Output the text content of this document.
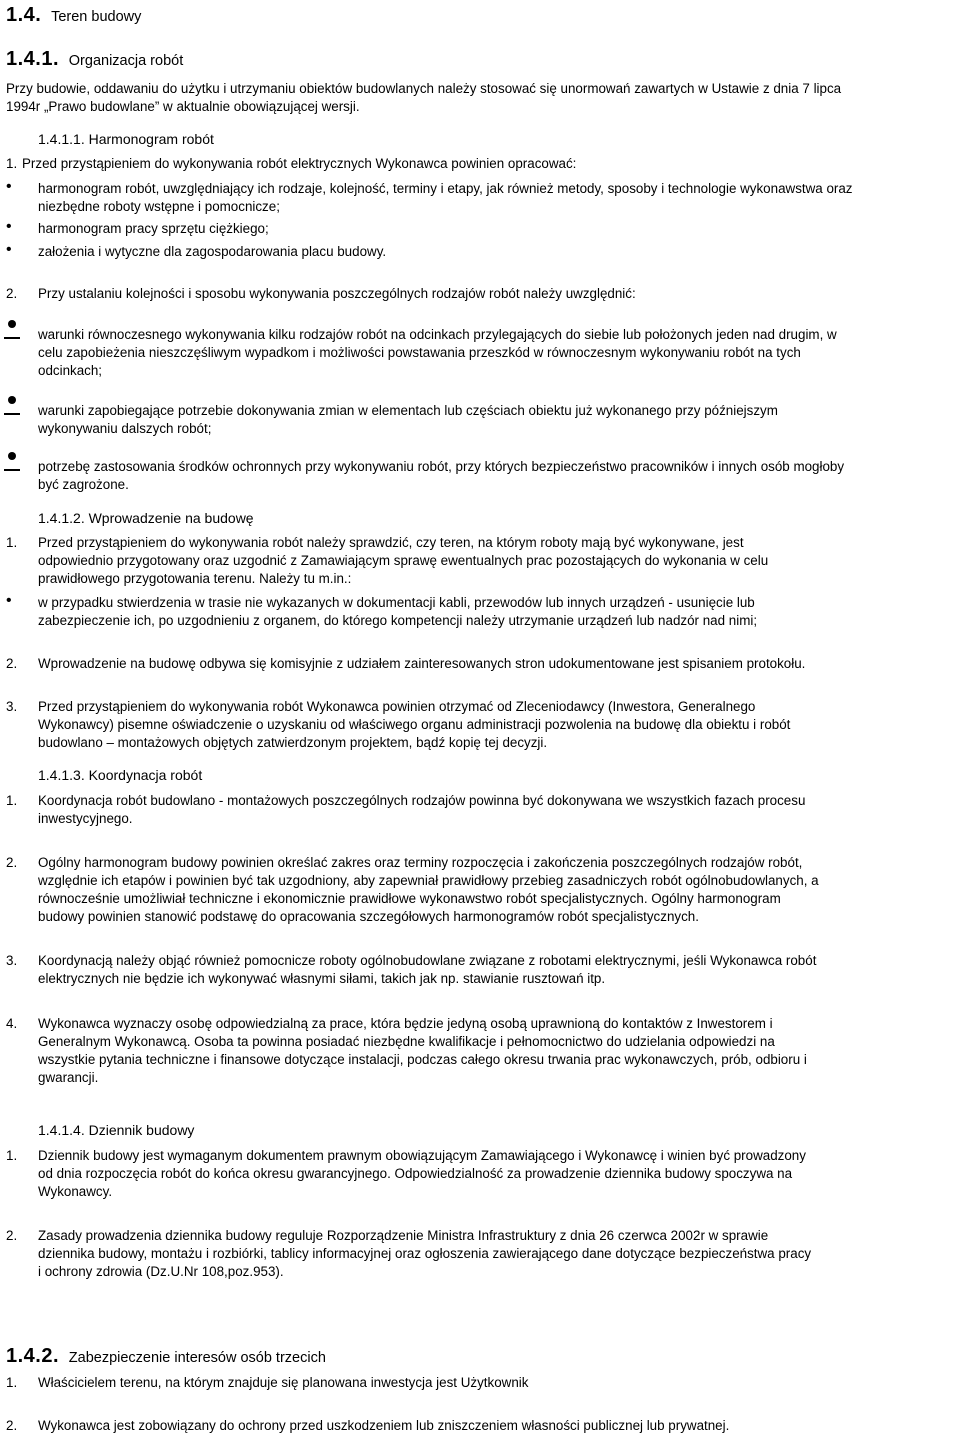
1.4. Teren budowy
1.4.1. Organizacja robót
Przy budowie, oddawaniu do użytku i utrzymaniu obiektów budowlanych należy stosować się unormowań zawartych w Ustawie z dnia 7 lipca
1994r „Prawo budowlane” w aktualnie obowiązującej wersji.
1.4.1.1. Harmonogram robót
1. Przed przystąpieniem do wykonywania robót elektrycznych Wykonawca powinien opracować:
• harmonogram robót, uwzględniający ich rodzaje, kolejność, terminy i etapy, jak również metody, sposoby i technologie wykonawstwa oraz
niezbędne roboty wstępne i pomocnicze;
• harmonogram pracy sprzętu ciężkiego;
• założenia i wytyczne dla zagospodarowania placu budowy.
2. Przy ustalaniu kolejności i sposobu wykonywania poszczególnych rodzajów robót należy uwzględnić:
warunki równoczesnego wykonywania kilku rodzajów robót na odcinkach przylegających do siebie lub położonych jeden nad drugim, w
celu zapobieżenia nieszczęśliwym wypadkom i możliwości powstawania przeszkód w równoczesnym wykonywaniu robót na tych
odcinkach;
warunki zapobiegające potrzebie dokonywania zmian w elementach lub częściach obiektu już wykonanego przy późniejszym
wykonywaniu dalszych robót;
potrzebę zastosowania środków ochronnych przy wykonywaniu robót, przy których bezpieczeństwo pracowników i innych osób mogłoby
być zagrożone.
1.4.1.2. Wprowadzenie na budowę
1. Przed przystąpieniem do wykonywania robót należy sprawdzić, czy teren, na którym roboty mają być wykonywane, jest
odpowiednio przygotowany oraz uzgodnić z Zamawiającym sprawę ewentualnych prac pozostających do wykonania w celu
prawidłowego przygotowania terenu. Należy tu m.in.:
• w przypadku stwierdzenia w trasie nie wykazanych w dokumentacji kabli, przewodów lub innych urządzeń - usunięcie lub
zabezpieczenie ich, po uzgodnieniu z organem, do którego kompetencji należy utrzymanie urządzeń lub nadzór nad nimi;
2. Wprowadzenie na budowę odbywa się komisyjnie z udziałem zainteresowanych stron udokumentowane jest spisaniem protokołu.
3. Przed przystąpieniem do wykonywania robót Wykonawca powinien otrzymać od Zleceniodawcy (Inwestora, Generalnego
Wykonawcy) pisemne oświadczenie o uzyskaniu od właściwego organu administracji pozwolenia na budowę dla obiektu i robót
budowlano – montażowych objętych zatwierdzonym projektem, bądź kopię tej decyzji.
1.4.1.3. Koordynacja robót
1. Koordynacja robót budowlano - montażowych poszczególnych rodzajów powinna być dokonywana we wszystkich fazach procesu
inwestycyjnego.
2. Ogólny harmonogram budowy powinien określać zakres oraz terminy rozpoczęcia i zakończenia poszczególnych rodzajów robót,
względnie ich etapów i powinien być tak uzgodniony, aby zapewniał prawidłowy przebieg zasadniczych robót ogólnobudowlanych, a
równocześnie umożliwiał techniczne i ekonomicznie prawidłowe wykonawstwo robót specjalistycznych. Ogólny harmonogram
budowy powinien stanowić podstawę do opracowania szczegółowych harmonogramów robót specjalistycznych.
3. Koordynacją należy objąć również pomocnicze roboty ogólnobudowlane związane z robotami elektrycznymi, jeśli Wykonawca robót
elektrycznych nie będzie ich wykonywać własnymi siłami, takich jak np. stawianie rusztowań itp.
4. Wykonawca wyznaczy osobę odpowiedzialną za prace, która będzie jedyną osobą uprawnioną do kontaktów z Inwestorem i
Generalnym Wykonawcą. Osoba ta powinna posiadać niezbędne kwalifikacje i pełnomocnictwo do udzielania odpowiedzi na
wszystkie pytania techniczne i finansowe dotyczące instalacji, podczas całego okresu trwania prac wykonawczych, prób, odbioru i
gwarancji.
1.4.1.4. Dziennik budowy
1. Dziennik budowy jest wymaganym dokumentem prawnym obowiązującym Zamawiającego i Wykonawcę i winien być prowadzony
od dnia rozpoczęcia robót do końca okresu gwarancyjnego. Odpowiedzialność za prowadzenie dziennika budowy spoczywa na
Wykonawcy.
2. Zasady prowadzenia dziennika budowy reguluje Rozporządzenie Ministra Infrastruktury z dnia 26 czerwca 2002r w sprawie
dziennika budowy, montażu i rozbiórki, tablicy informacyjnej oraz ogłoszenia zawierającego dane dotyczące bezpieczeństwa pracy
i ochrony zdrowia (Dz.U.Nr 108,poz.953).
1.4.2. Zabezpieczenie interesów osób trzecich
1. Właścicielem terenu, na którym znajduje się planowana inwestycja jest Użytkownik
2. Wykonawca jest zobowiązany do ochrony przed uszkodzeniem lub zniszczeniem własności publicznej lub prywatnej.
